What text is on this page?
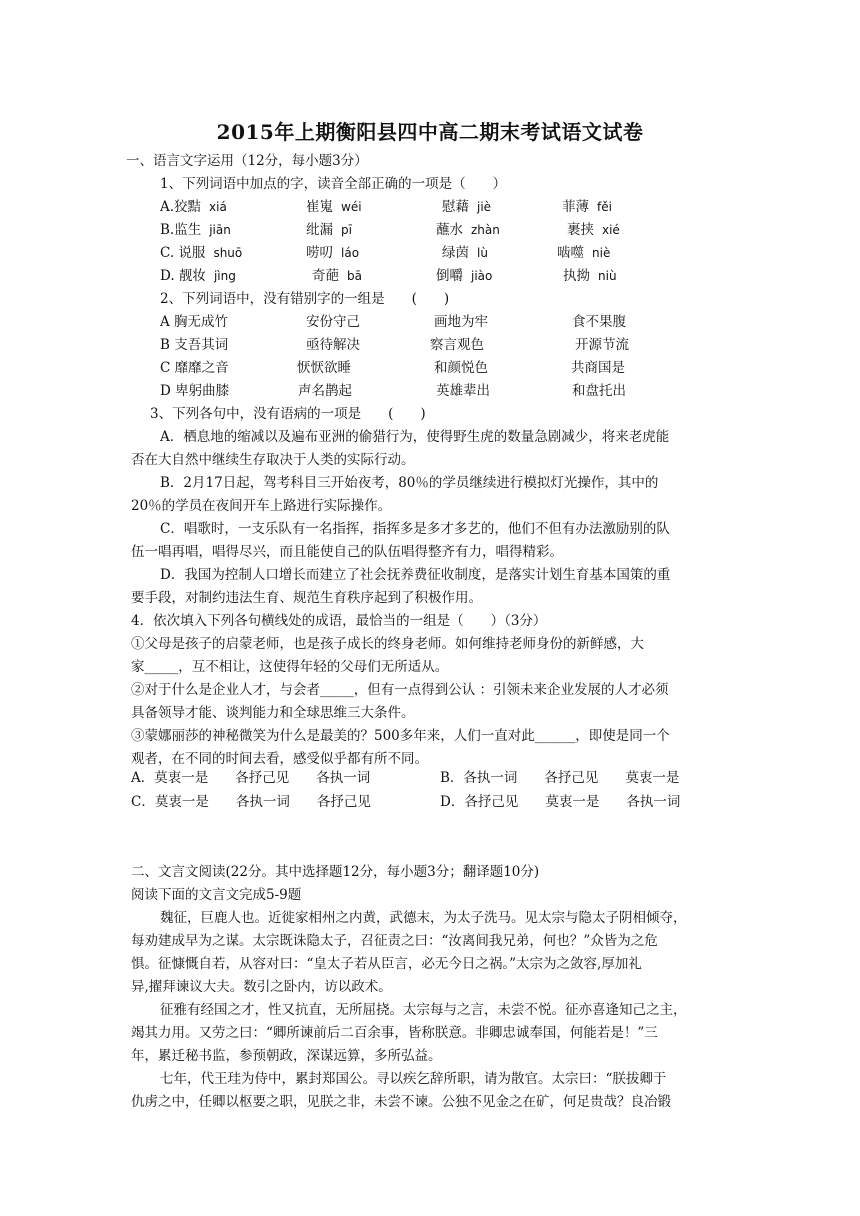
2015年上期衡阳县四中高二期末考试语文试卷
一、语言文字运用（12分，每小题3分）
1、下列词语中加点的字，读音全部正确的一项是（　　）
A.狡黠 xiá	崔嵬 wéi	慰藉 jiè	菲薄 fěi
B.监生 jiān	纰漏 pī	蘸水 zhàn	裹挟 xié
C. 说服 shuō	唠叨 láo	绿茵 lù	啮噬 niè
D. 靓妆 jìng	奇葩 bā	倒嚼 jiào	执拗 niù
2、下列词语中，没有错别字的一组是　　(　　)
A 胸无成竹	安份守己	画地为牢	食不果腹
B 支吾其词	亟待解决	察言观色	开源节流
C 靡靡之音	恹恹欲睡	和颜悦色	共商国是
D 卑躬曲膝	声名鹊起	英雄辈出	和盘托出
3、下列各句中，没有语病的一项是　　(　　)
A．栖息地的缩减以及遍布亚洲的偷猎行为，使得野生虎的数量急剧减少，将来老虎能
否在大自然中继续生存取决于人类的实际行动。
B．2月17日起，驾考科目三开始夜考，80％的学员继续进行模拟灯光操作，其中的
20％的学员在夜间开车上路进行实际操作。
C．唱歌时，一支乐队有一名指挥，指挥多是多才多艺的，他们不但有办法激励别的队
伍一唱再唱，唱得尽兴，而且能使自己的队伍唱得整齐有力，唱得精彩。
D．我国为控制人口增长而建立了社会抚养费征收制度，是落实计划生育基本国策的重
要手段，对制约违法生育、规范生育秩序起到了积极作用。
4．依次填入下列各句横线处的成语，最恰当的一组是（　　）（3分）
①父母是孩子的启蒙老师，也是孩子成长的终身老师。如何维持老师身份的新鲜感，大
家_____，互不相让，这使得年轻的父母们无所适从。
②对于什么是企业人才，与会者_____，但有一点得到公认 ：引领未来企业发展的人才必须
具备领导才能、谈判能力和全球思维三大条件。
③蒙娜丽莎的神秘微笑为什么是最美的？500多年来，人们一直对此______，即使是同一个
观者，在不同的时间去看，感受似乎都有所不同。
A．莫衷一是　　各抒己见　　各执一词	B．各执一词　　各抒己见　　莫衷一是
C．莫衷一是　　各执一词　　各抒己见	D．各抒己见　　莫衷一是　　各执一词
二、文言文阅读(22分。其中选择题12分，每小题3分；翻译题10分)
阅读下面的文言文完成5-9题
魏征，巨鹿人也。近徙家相州之内黄，武德末，为太子洗马。见太宗与隐太子阴相倾夺，
每劝建成早为之谋。太宗既诛隐太子，召征责之曰：“汝离间我兄弟，何也？”众皆为之危
惧。征慷慨自若，从容对曰：“皇太子若从臣言，必无今日之祸。”太宗为之敛容,厚加礼
异,擢拜谏议大夫。数引之卧内，访以政术。
征雅有经国之才，性又抗直，无所屈挠。太宗每与之言，未尝不悦。征亦喜逢知己之主，
竭其力用。又劳之曰：“卿所谏前后二百余事，皆称朕意。非卿忠诚奉国，何能若是！”三
年，累迁秘书监，参预朝政，深谋远算，多所弘益。
七年，代王珪为侍中，累封郑国公。寻以疾乞辞所职，请为散官。太宗曰：“朕拔卿于
仇虏之中，任卿以枢要之职，见朕之非，未尝不谏。公独不见金之在矿，何足贵哉？良冶锻
